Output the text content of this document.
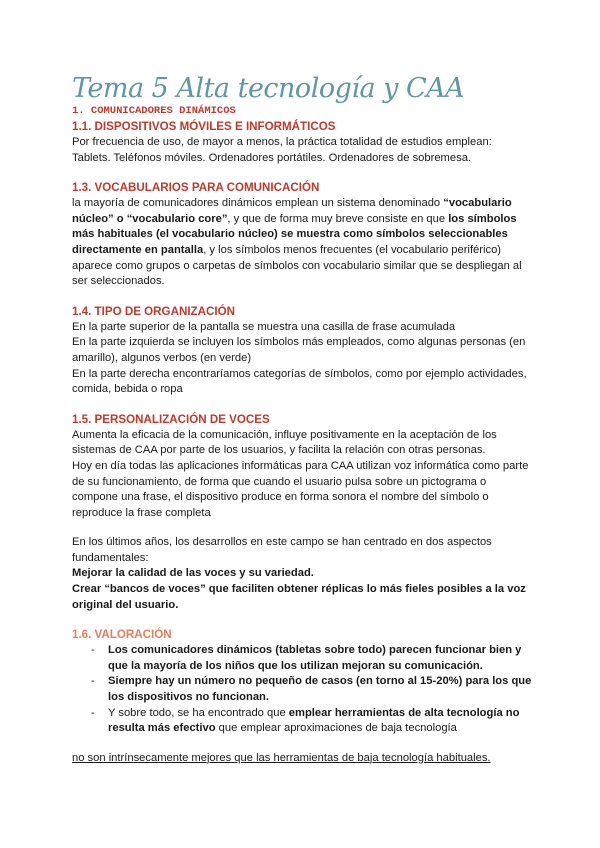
Tema 5 Alta tecnología y CAA
1. COMUNICADORES DINÁMICOS
1.1. DISPOSITIVOS MÓVILES E INFORMÁTICOS

Por frecuencia de uso, de mayor a menos, la práctica totalidad de estudios emplean:

Tablets. Teléfonos móviles. Ordenadores portátiles. Ordenadores de sobremesa.

1.3. VOCABULARIOS PARA COMUNICACIÓN

la mayoría de comunicadores dinámicos emplean un sistema denominado “vocabulario núcleo” o “vocabulario core”, y que de forma muy breve consiste en que los símbolos más habituales (el vocabulario núcleo) se muestra como símbolos seleccionables directamente en pantalla, y los símbolos menos frecuentes (el vocabulario periférico) aparece como grupos o carpetas de símbolos con vocabulario similar que se despliegan al ser seleccionados.

1.4. TIPO DE ORGANIZACIÓN

En la parte superior de la pantalla se muestra una casilla de frase acumulada

En la parte izquierda se incluyen los símbolos más empleados, como algunas personas (en amarillo), algunos verbos (en verde)

En la parte derecha encontraríamos categorías de símbolos, como por ejemplo actividades, comida, bebida o ropa

1.5. PERSONALIZACIÓN DE VOCES

Aumenta la eficacia de la comunicación, influye positivamente en la aceptación de los sistemas de CAA por parte de los usuarios, y facilita la relación con otras personas.

Hoy en día todas las aplicaciones informáticas para CAA utilizan voz informática como parte de su funcionamiento, de forma que cuando el usuario pulsa sobre un pictograma o compone una frase, el dispositivo produce en forma sonora el nombre del símbolo o reproduce la frase completa

En los últimos años, los desarrollos en este campo se han centrado en dos aspectos fundamentales:

Mejorar la calidad de las voces y su variedad.

Crear “bancos de voces” que faciliten obtener réplicas lo más fieles posibles a la voz original del usuario.

1.6. VALORACIÓN
- Los comunicadores dinámicos (tabletas sobre todo) parecen funcionar bien y que la mayoría de los niños que los utilizan mejoran su comunicación.
- Siempre hay un número no pequeño de casos (en torno al 15-20%) para los que los dispositivos no funcionan.
- Y sobre todo, se ha encontrado que emplear herramientas de alta tecnología no resulta más efectivo que emplear aproximaciones de baja tecnología

no son intrínsecamente mejores que las herramientas de baja tecnología habituales.
